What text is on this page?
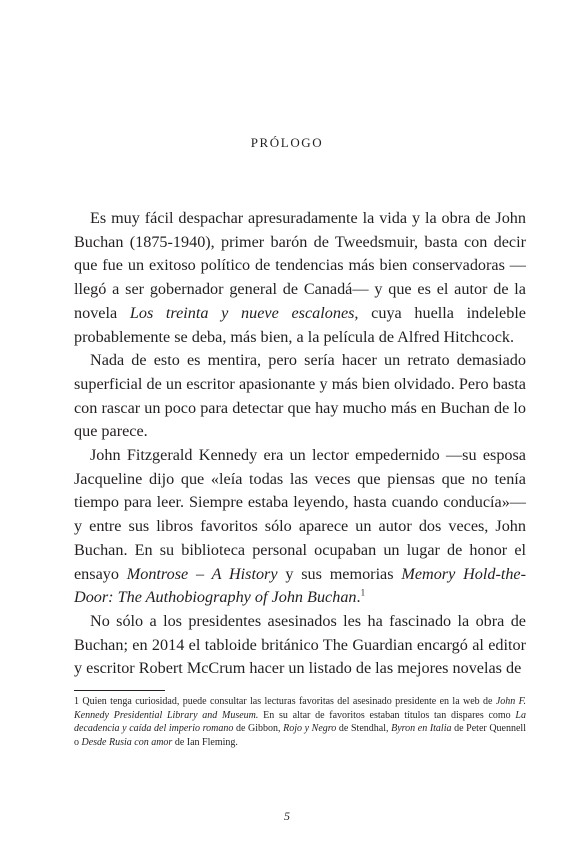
PRÓLOGO

Es muy fácil despachar apresuradamente la vida y la obra de John Buchan (1875-1940), primer barón de Tweedsmuir, basta con decir que fue un exitoso político de tendencias más bien conservadoras —llegó a ser gobernador general de Canadá— y que es el autor de la novela Los treinta y nueve escalones, cuya huella indeleble probablemente se deba, más bien, a la película de Alfred Hitchcock.

Nada de esto es mentira, pero sería hacer un retrato demasiado superficial de un escritor apasionante y más bien olvidado. Pero basta con rascar un poco para detectar que hay mucho más en Buchan de lo que parece.

John Fitzgerald Kennedy era un lector empedernido —su esposa Jacqueline dijo que «leía todas las veces que piensas que no tenía tiempo para leer. Siempre estaba leyendo, hasta cuando conducía»— y entre sus libros favoritos sólo aparece un autor dos veces, John Buchan. En su biblioteca personal ocupaban un lugar de honor el ensayo Montrose – A History y sus memorias Memory Hold-the-Door: The Authobiography of John Buchan.$^1$

No sólo a los presidentes asesinados les ha fascinado la obra de Buchan; en 2014 el tabloide británico The Guardian encargó al editor y escritor Robert McCrum hacer un listado de las mejores novelas de

1 Quien tenga curiosidad, puede consultar las lecturas favoritas del asesinado presidente en la web de John F. Kennedy Presidential Library and Museum. En su altar de favoritos estaban títulos tan dispares como La decadencia y caída del imperio romano de Gibbon, Rojo y Negro de Stendhal, Byron en Italia de Peter Quennell o Desde Rusia con amor de Ian Fleming.

5
